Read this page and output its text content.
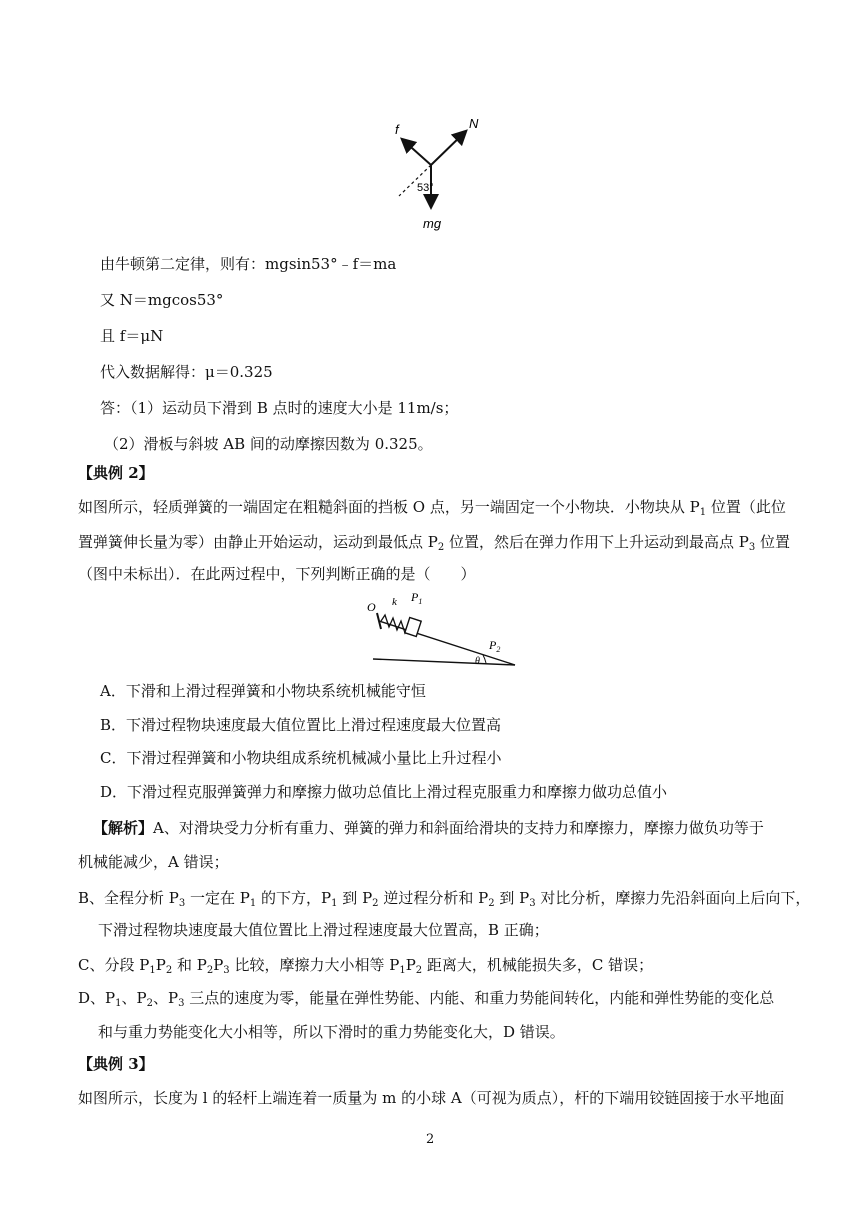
f	N
53°
mg
由牛顿第二定律，则有：mgsin53°﹣f＝ma
又 N＝mgcos53°
且 f＝μN
代入数据解得：μ＝0.325
答：（1）运动员下滑到 B 点时的速度大小是 11m/s；
（2）滑板与斜坡 AB 间的动摩擦因数为 0.325。
【典例 2】
如图所示，轻质弹簧的一端固定在粗糙斜面的挡板 O 点，另一端固定一个小物块．小物块从 $P_1$ 位置（此位
置弹簧伸长量为零）由静止开始运动，运动到最低点 $P_2$ 位置，然后在弹力作用下上升运动到最高点 $P_3$ 位置
（图中未标出）．在此两过程中，下列判断正确的是（　　）
O k $P_1$
$P_2$
θ
A．下滑和上滑过程弹簧和小物块系统机械能守恒
B．下滑过程物块速度最大值位置比上滑过程速度最大位置高
C．下滑过程弹簧和小物块组成系统机械减小量比上升过程小
D．下滑过程克服弹簧弹力和摩擦力做功总值比上滑过程克服重力和摩擦力做功总值小
【解析】A、对滑块受力分析有重力、弹簧的弹力和斜面给滑块的支持力和摩擦力，摩擦力做负功等于
机械能减少，A 错误；
B、全程分析 $P_3$ 一定在 $P_1$ 的下方，$P_1$ 到 $P_2$ 逆过程分析和 $P_2$ 到 $P_3$ 对比分析，摩擦力先沿斜面向上后向下，
下滑过程物块速度最大值位置比上滑过程速度最大位置高，B 正确；
C、分段 $P_1P_2$ 和 $P_2P_3$ 比较，摩擦力大小相等 $P_1P_2$ 距离大，机械能损失多，C 错误；
D、$P_1$、$P_2$、$P_3$ 三点的速度为零，能量在弹性势能、内能、和重力势能间转化，内能和弹性势能的变化总
和与重力势能变化大小相等，所以下滑时的重力势能变化大，D 错误。
【典例 3】
如图所示，长度为 l 的轻杆上端连着一质量为 m 的小球 A（可视为质点），杆的下端用铰链固接于水平地面
2
